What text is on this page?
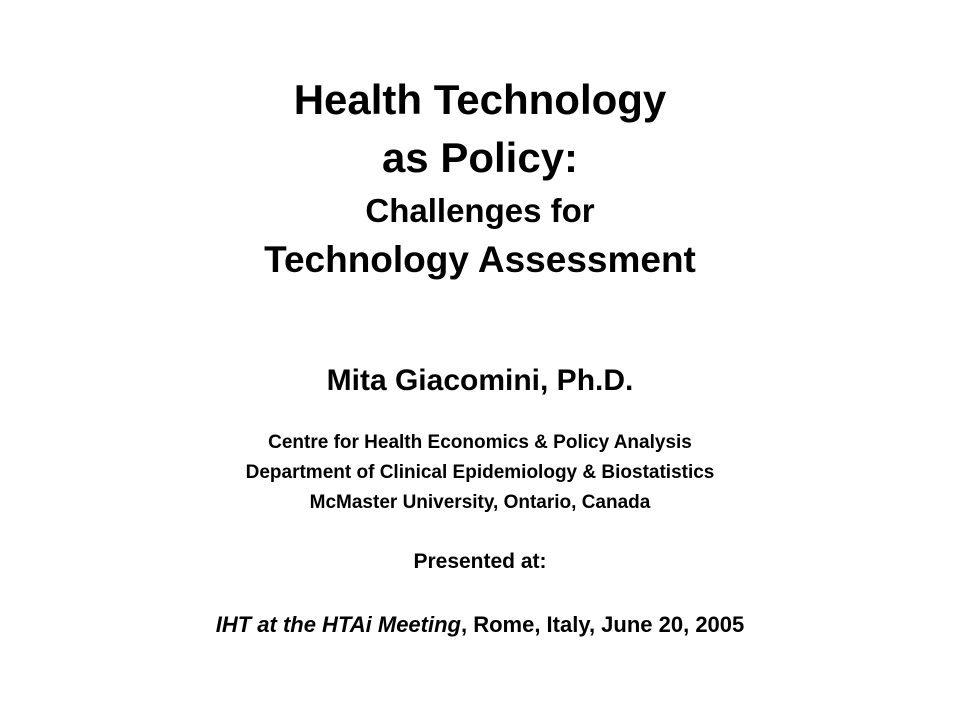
Health Technology
as Policy:
Challenges for
Technology Assessment
Mita Giacomini, Ph.D.
Centre for Health Economics & Policy Analysis
Department of Clinical Epidemiology & Biostatistics
McMaster University, Ontario, Canada
Presented at:
IHT at the HTAi Meeting, Rome, Italy, June 20, 2005
